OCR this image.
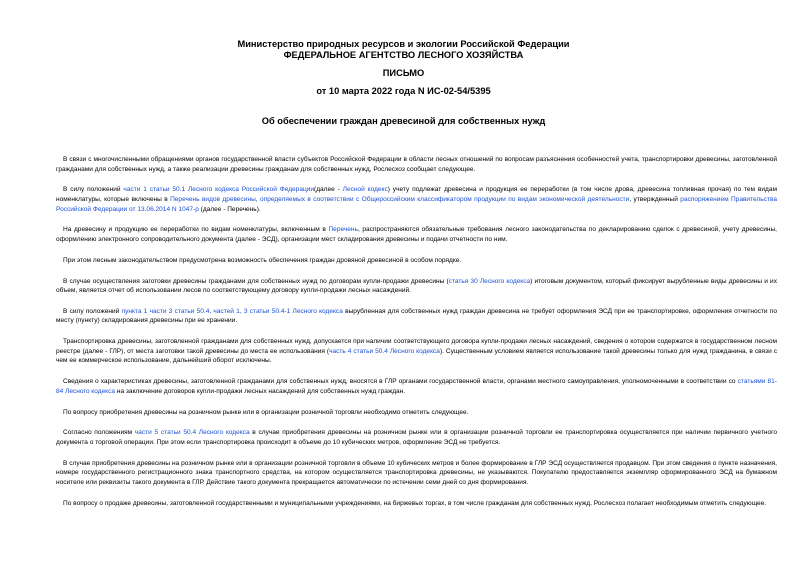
Министерство природных ресурсов и экологии Российской Федерации
ФЕДЕРАЛЬНОЕ АГЕНТСТВО ЛЕСНОГО ХОЗЯЙСТВА
ПИСЬМО
от 10 марта 2022 года N ИС-02-54/5395
Об обеспечении граждан древесиной для собственных нужд

В связи с многочисленными обращениями органов государственной власти субъектов Российской Федерации в области лесных отношений по вопросам разъяснения особенностей учета, транспортировки древесины, заготовленной гражданами для собственных нужд, а также реализации древесины гражданам для собственных нужд, Рослесхоз сообщает следующее.

В силу положений части 1 статьи 50.1 Лесного кодекса Российской Федерации(далее - Лесной кодекс) учету подлежат древесина и продукция ее переработки (в том числе дрова, древесина топливная прочая) по тем видам номенклатуры, которые включены в Перечень видов древесины, определяемых в соответствии с Общероссийским классификатором продукции по видам экономической деятельности, утвержденный распоряжением Правительства Российской Федерации от 13.06.2014 N 1047-р (далее - Перечень).

На древесину и продукцию ее переработки по видам номенклатуры, включенным в Перечень, распространяются обязательные требования лесного законодательства по декларированию сделок с древесиной, учету древесины, оформлению электронного сопроводительного документа (далее - ЭСД), организации мест складирования древесины и подачи отчетности по ним.

При этом лесным законодательством предусмотрена возможность обеспечения граждан дровяной древесиной в особом порядке.

В случае осуществления заготовки древесины гражданами для собственных нужд по договорам купли-продажи древесины (статья 30 Лесного кодекса) итоговым документом, который фиксирует вырубленные виды древесины и их объем, является отчет об использовании лесов по соответствующему договору купли-продажи лесных насаждений.

В силу положений пункта 1 части 3 статьи 50.4, частей 1, 3 статьи 50.4-1 Лесного кодекса вырубленная для собственных нужд граждан древесина не требует оформления ЭСД при ее транспортировке, оформления отчетности по месту (пункту) складирования древесины при ее хранении.

Транспортировка древесины, заготовленной гражданами для собственных нужд, допускается при наличии соответствующего договора купли-продажи лесных насаждений, сведения о котором содержатся в государственном лесном реестре (далее - ГЛР), от места заготовки такой древесины до места ее использования (часть 4 статьи 50.4 Лесного кодекса). Существенным условием является использование такой древесины только для нужд гражданина, в связи с чем ее коммерческое использование, дальнейший оборот исключены.

Сведения о характеристиках древесины, заготовленной гражданами для собственных нужд, вносятся в ГЛР органами государственной власти, органами местного самоуправления, уполномоченными в соответствии со статьями 81-84 Лесного кодекса на заключение договоров купли-продажи лесных насаждений для собственных нужд граждан.

По вопросу приобретения древесины на розничном рынке или в организации розничной торговли необходимо отметить следующее.

Согласно положениям части 5 статьи 50.4 Лесного кодекса в случае приобретения древесины на розничном рынке или в организации розничной торговли ее транспортировка осуществляется при наличии первичного учетного документа о торговой операции. При этом если транспортировка происходит в объеме до 10 кубических метров, оформление ЭСД не требуется.

В случае приобретения древесины на розничном рынке или в организации розничной торговли в объеме 10 кубических метров и более формирование в ГЛР ЭСД осуществляется продавцом. При этом сведения о пункте назначения, номере государственного регистрационного знака транспортного средства, на котором осуществляется транспортировка древесины, не указываются. Покупателю предоставляется экземпляр сформированного ЭСД на бумажном носителе или реквизиты такого документа в ГЛР. Действие такого документа прекращается автоматически по истечении семи дней со дня формирования.

По вопросу о продаже древесины, заготовленной государственными и муниципальными учреждениями, на биржевых торгах, в том числе гражданам для собственных нужд, Рослесхоз полагает необходимым отметить следующее.
